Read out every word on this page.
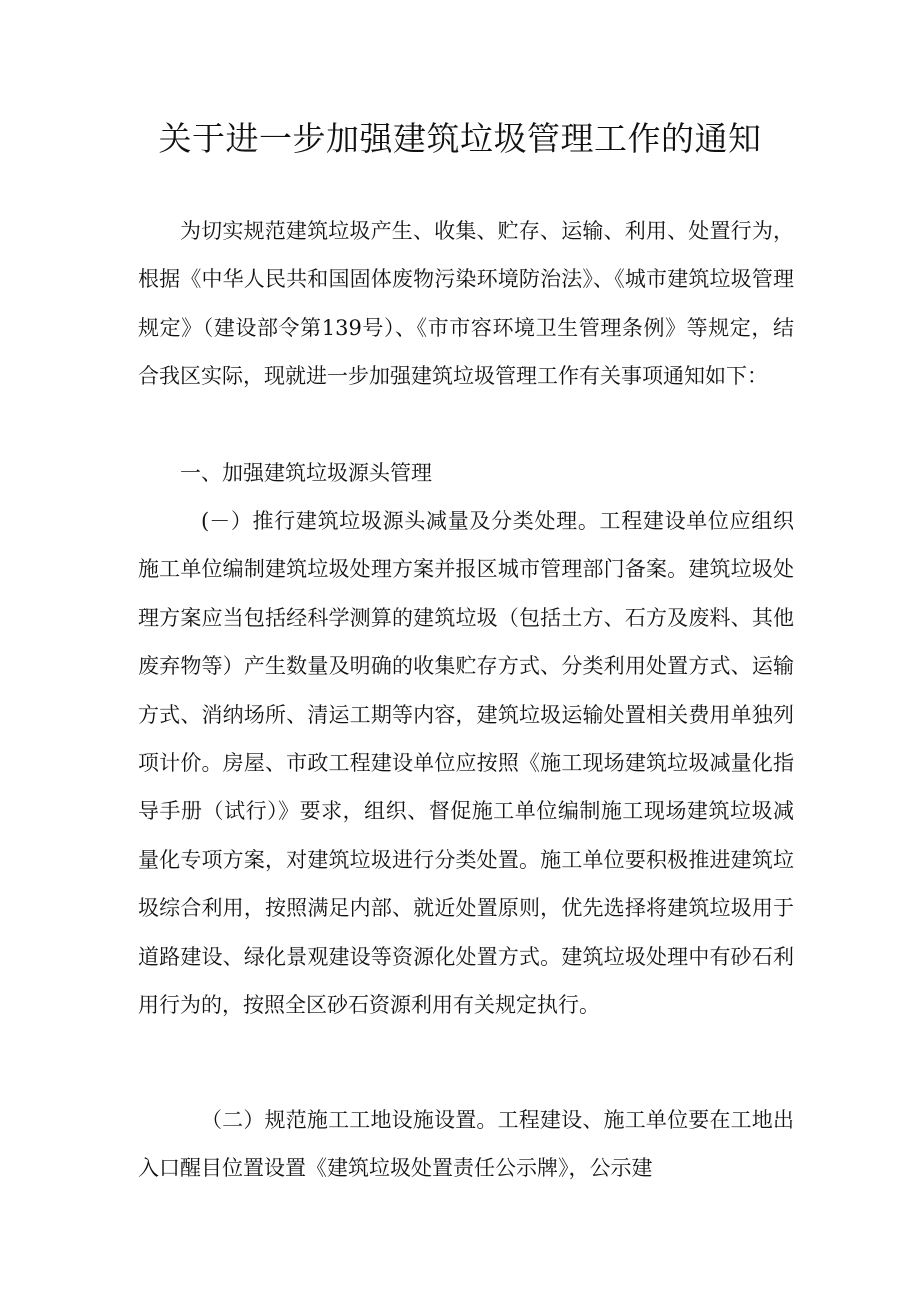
关于进一步加强建筑垃圾管理工作的通知

为切实规范建筑垃圾产生、收集、贮存、运输、利用、处置行为，根据《中华人民共和国固体废物污染环境防治法》、《城市建筑垃圾管理规定》（建设部令第139号）、《市市容环境卫生管理条例》等规定，结合我区实际，现就进一步加强建筑垃圾管理工作有关事项通知如下：

一、加强建筑垃圾源头管理

(－）推行建筑垃圾源头减量及分类处理。工程建设单位应组织施工单位编制建筑垃圾处理方案并报区城市管理部门备案。建筑垃圾处理方案应当包括经科学测算的建筑垃圾（包括土方、石方及废料、其他废弃物等）产生数量及明确的收集贮存方式、分类利用处置方式、运输方式、消纳场所、清运工期等内容，建筑垃圾运输处置相关费用单独列项计价。房屋、市政工程建设单位应按照《施工现场建筑垃圾减量化指导手册（试行）》要求，组织、督促施工单位编制施工现场建筑垃圾减量化专项方案，对建筑垃圾进行分类处置。施工单位要积极推进建筑垃圾综合利用，按照满足内部、就近处置原则，优先选择将建筑垃圾用于道路建设、绿化景观建设等资源化处置方式。建筑垃圾处理中有砂石利用行为的，按照全区砂石资源利用有关规定执行。

（二）规范施工工地设施设置。工程建设、施工单位要在工地出入口醒目位置设置《建筑垃圾处置责任公示牌》，公示建
